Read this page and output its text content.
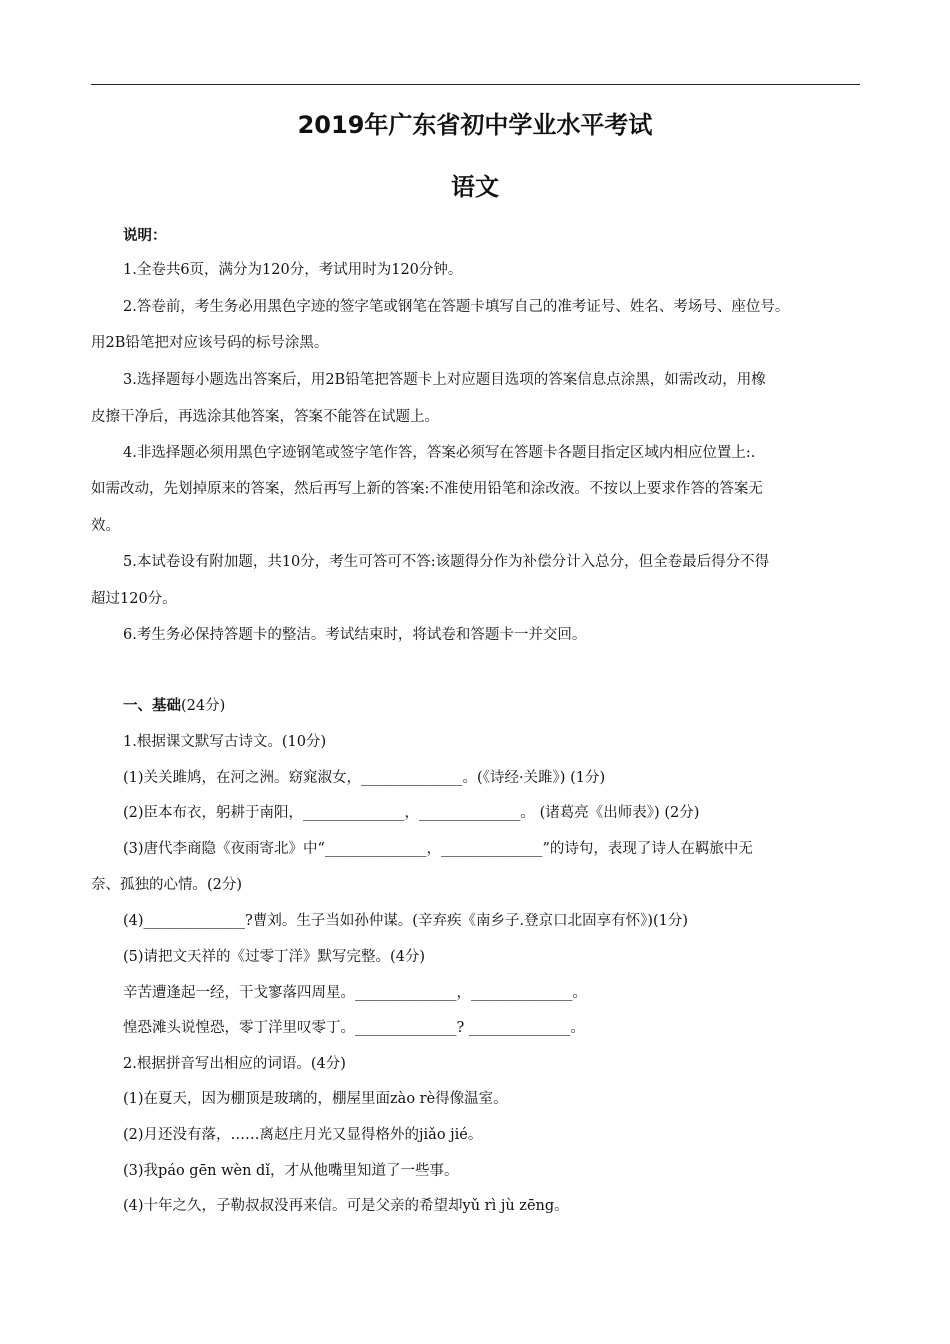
2019年广东省初中学业水平考试
语文
说明：
1.全卷共6页，满分为120分，考试用时为120分钟。
2.答卷前，考生务必用黑色字迹的签字笔或钢笔在答题卡填写自己的准考证号、姓名、考场号、座位号。
用2B铅笔把对应该号码的标号涂黑。
3.选择题每小题选出答案后，用2B铅笔把答题卡上对应题目选项的答案信息点涂黑，如需改动，用橡
皮擦干净后，再选涂其他答案，答案不能答在试题上。
4.非选择题必须用黑色字迹钢笔或签字笔作答，答案必须写在答题卡各题目指定区域内相应位置上:.
如需改动，先划掉原来的答案，然后再写上新的答案:不准使用铅笔和涂改液。不按以上要求作答的答案无
效。
5.本试卷设有附加题，共10分，考生可答可不答:该题得分作为补偿分计入总分，但全卷最后得分不得
超过120分。
6.考生务必保持答题卡的整洁。考试结束时，将试卷和答题卡一并交回。
一、基础(24分)
1.根据课文默写古诗文。(10分)
(1)关关雎鸠，在河之洲。窈窕淑女，______________。(《诗经·关雎》) (1分)
(2)臣本布衣，躬耕于南阳，______________，______________。 (诸葛亮《出师表》) (2分)
(3)唐代李商隐《夜雨寄北》中“______________，______________”的诗句，表现了诗人在羁旅中无
奈、孤独的心情。(2分)
(4)______________?曹刘。生子当如孙仲谋。(辛弃疾《南乡子.登京口北固享有怀》)(1分)
(5)请把文天祥的《过零丁洋》默写完整。(4分)
辛苦遭逢起一经，干戈寥落四周星。______________，______________。
惶恐滩头说惶恐，零丁洋里叹零丁。______________? ______________。
2.根据拼音写出相应的词语。(4分)
(1)在夏天，因为棚顶是玻璃的，棚屋里面zào rè得像温室。
(2)月还没有落，……离赵庄月光又显得格外的jiǎo jié。
(3)我páo gēn wèn dǐ，才从他嘴里知道了一些事。
(4)十年之久，子勒叔叔没再来信。可是父亲的希望却yǔ rì jù zēng。
